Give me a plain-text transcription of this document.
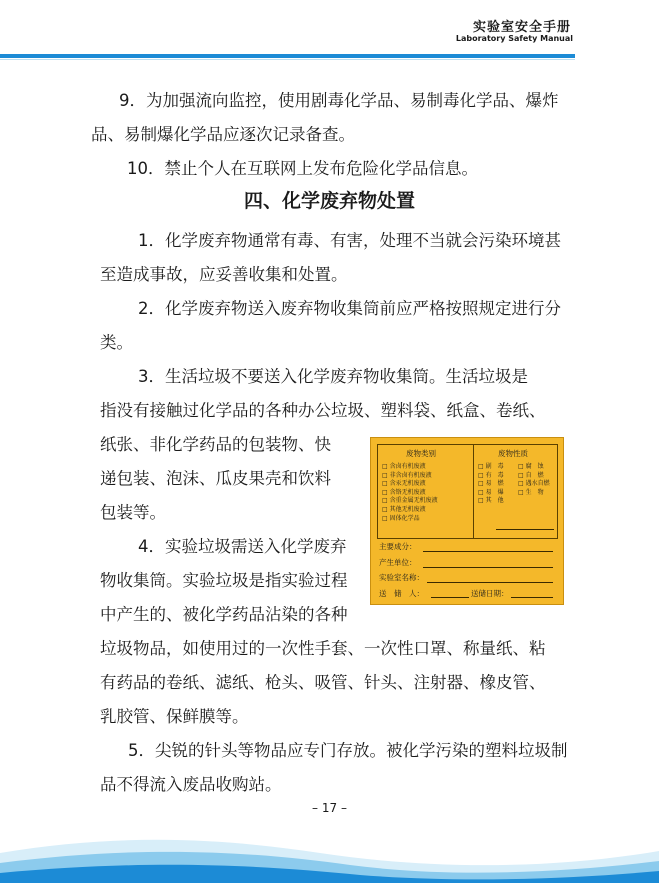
实验室安全手册
Laboratory Safety Manual

9．为加强流向监控，使用剧毒化学品、易制毒化学品、爆炸品、易制爆化学品应逐次记录备查。

10．禁止个人在互联网上发布危险化学品信息。

四、化学废弃物处置

1．化学废弃物通常有毒、有害，处理不当就会污染环境甚至造成事故，应妥善收集和处置。

2．化学废弃物送入废弃物收集筒前应严格按照规定进行分类。

3．生活垃圾不要送入化学废弃物收集筒。生活垃圾是

指没有接触过化学品的各种办公垃圾、塑料袋、纸盒、卷纸、

纸张、非化学药品的包装物、快

递包装、泡沫、瓜皮果壳和饮料

包装等。

4．实验垃圾需送入化学废弃

物收集筒。实验垃圾是指实验过程

中产生的、被化学药品沾染的各种

垃圾物品，如使用过的一次性手套、一次性口罩、称量纸、粘

有药品的卷纸、滤纸、枪头、吸管、针头、注射器、橡皮管、

乳胶管、保鲜膜等。

5．尖锐的针头等物品应专门存放。被化学污染的塑料垃圾制品不得流入废品收购站。

废物类别	废物性质
□ 含卤有机废液
□ 非含卤有机废液
□ 含汞无机废液
□ 含铬无机废液
□ 含重金属无机废液
□ 其他无机废液
□ 固体化学品
□ 剧　毒 □ 腐　蚀
□ 有　毒 □ 自　燃
□ 易　燃 □ 遇水自燃
□ 易　爆 □ 生　物
□ 其　他
主要成分：
产生单位：
实验室名称：
送　储　人：	送储日期：
– 17 –
